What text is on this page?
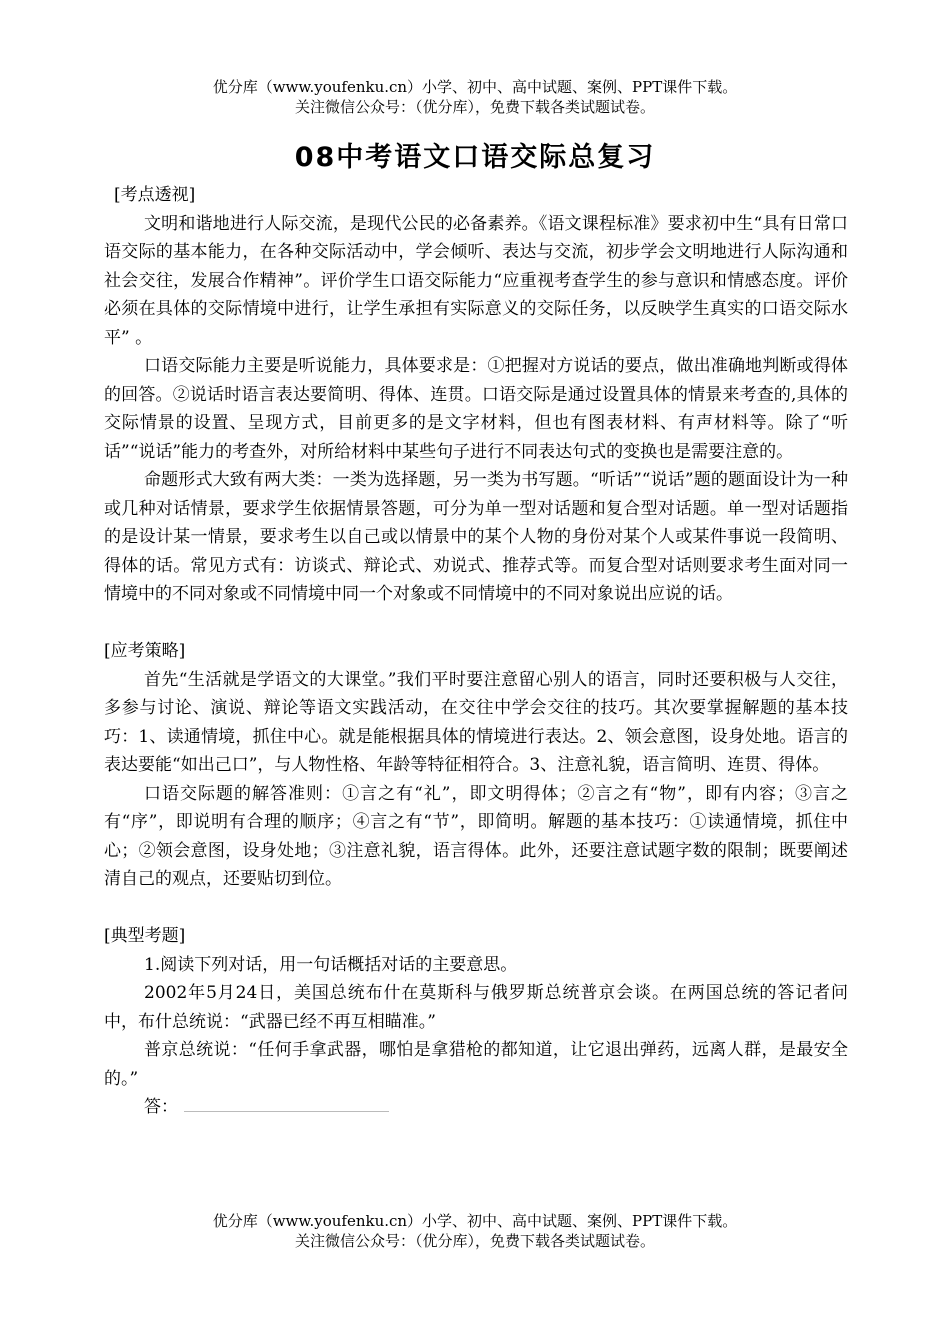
优分库（www.youfenku.cn）小学、初中、高中试题、案例、PPT课件下载。
关注微信公众号：（优分库），免费下载各类试题试卷。
08中考语文口语交际总复习

[考点透视]

文明和谐地进行人际交流，是现代公民的必备素养。《语文课程标准》要求初中生“具有日常口语交际的基本能力，在各种交际活动中，学会倾听、表达与交流，初步学会文明地进行人际沟通和社会交往，发展合作精神”。评价学生口语交际能力“应重视考查学生的参与意识和情感态度。评价必须在具体的交际情境中进行，让学生承担有实际意义的交际任务，以反映学生真实的口语交际水平” 。

口语交际能力主要是听说能力，具体要求是：①把握对方说话的要点，做出准确地判断或得体的回答。②说话时语言表达要简明、得体、连贯。口语交际是通过设置具体的情景来考查的,具体的交际情景的设置、呈现方式，目前更多的是文字材料，但也有图表材料、有声材料等。除了“听话”“说话”能力的考查外，对所给材料中某些句子进行不同表达句式的变换也是需要注意的。

命题形式大致有两大类：一类为选择题，另一类为书写题。“听话”“说话”题的题面设计为一种或几种对话情景，要求学生依据情景答题，可分为单一型对话题和复合型对话题。单一型对话题指的是设计某一情景，要求考生以自己或以情景中的某个人物的身份对某个人或某件事说一段简明、得体的话。常见方式有：访谈式、辩论式、劝说式、推荐式等。而复合型对话则要求考生面对同一情境中的不同对象或不同情境中同一个对象或不同情境中的不同对象说出应说的话。

[应考策略]

首先“生活就是学语文的大课堂。”我们平时要注意留心别人的语言，同时还要积极与人交往，多参与讨论、演说、辩论等语文实践活动，在交往中学会交往的技巧。其次要掌握解题的基本技巧：1、读通情境，抓住中心。就是能根据具体的情境进行表达。2、领会意图，设身处地。语言的表达要能“如出己口”，与人物性格、年龄等特征相符合。3、注意礼貌，语言简明、连贯、得体。

口语交际题的解答准则：①言之有“礼”，即文明得体；②言之有“物”，即有内容；③言之有“序”，即说明有合理的顺序；④言之有“节”，即简明。解题的基本技巧：①读通情境，抓住中心；②领会意图，设身处地；③注意礼貌，语言得体。此外，还要注意试题字数的限制；既要阐述清自己的观点，还要贴切到位。

[典型考题]

1.阅读下列对话，用一句话概括对话的主要意思。

2002年5月24日，美国总统布什在莫斯科与俄罗斯总统普京会谈。在两国总统的答记者问中，布什总统说：“武器已经不再互相瞄准。”

普京总统说：“任何手拿武器，哪怕是拿猎枪的都知道，让它退出弹药，远离人群，是最安全的。”

答：

优分库（www.youfenku.cn）小学、初中、高中试题、案例、PPT课件下载。
关注微信公众号：（优分库），免费下载各类试题试卷。
